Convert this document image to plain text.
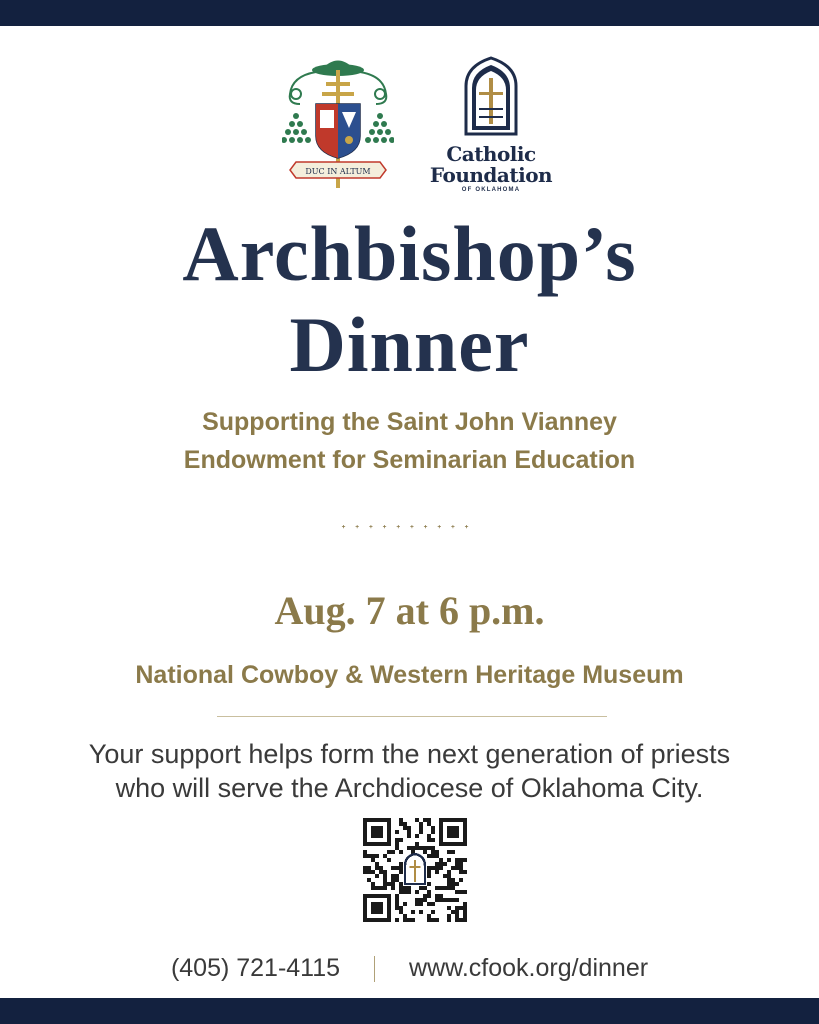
DUC IN ALTUM
Catholic
Foundation
OF OKLAHOMA
Archbishop’s
Dinner
Supporting the Saint John Vianney
Endowment for Seminarian Education
ᐩᐩᐩᐩᐩᐩᐩᐩᐩᐩ
Aug. 7 at 6 p.m.
National Cowboy & Western Heritage Museum
Your support helps form the next generation of priests
who will serve the Archdiocese of Oklahoma City.
(405) 721-4115	www.cfook.org/dinner
